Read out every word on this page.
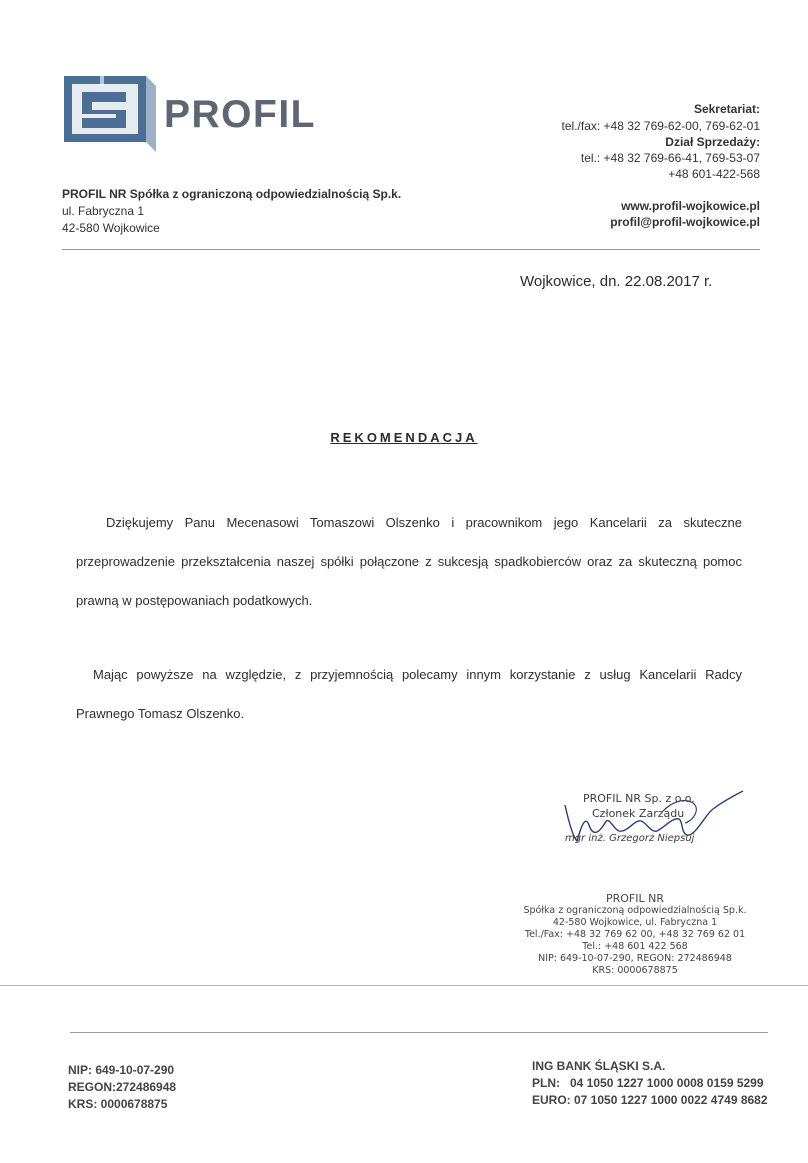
PROFIL
PROFIL NR Spółka z ograniczoną odpowiedzialnością Sp.k.
ul. Fabryczna 1
42-580 Wojkowice
Sekretariat:
tel./fax: +48 32 769-62-00, 769-62-01
Dział Sprzedaży:
tel.: +48 32 769-66-41, 769-53-07
+48 601-422-568
www.profil-wojkowice.pl
profil@profil-wojkowice.pl
Wojkowice, dn. 22.08.2017 r.
REKOMENDACJA
Dziękujemy Panu Mecenasowi Tomaszowi Olszenko i pracownikom jego Kancelarii za skuteczne przeprowadzenie przekształcenia naszej spółki połączone z sukcesją spadkobierców oraz za skuteczną pomoc prawną w postępowaniach podatkowych.
Mając powyższe na względzie, z przyjemnością polecamy innym korzystanie z usług Kancelarii Radcy Prawnego Tomasz Olszenko.
PROFIL NR Sp. z o.o.
Członek Zarządu
mgr inż. Grzegorz Niepsuj
PROFIL NR
Spółka z ograniczoną odpowiedzialnością Sp.k.
42-580 Wojkowice, ul. Fabryczna 1
Tel./Fax: +48 32 769 62 00, +48 32 769 62 01
Tel.: +48 601 422 568
NIP: 649-10-07-290, REGON: 272486948
KRS: 0000678875
NIP: 649-10-07-290
REGON:272486948
KRS: 0000678875
ING BANK ŚLĄSKI S.A.
PLN:   04 1050 1227 1000 0008 0159 5299
EURO: 07 1050 1227 1000 0022 4749 8682
